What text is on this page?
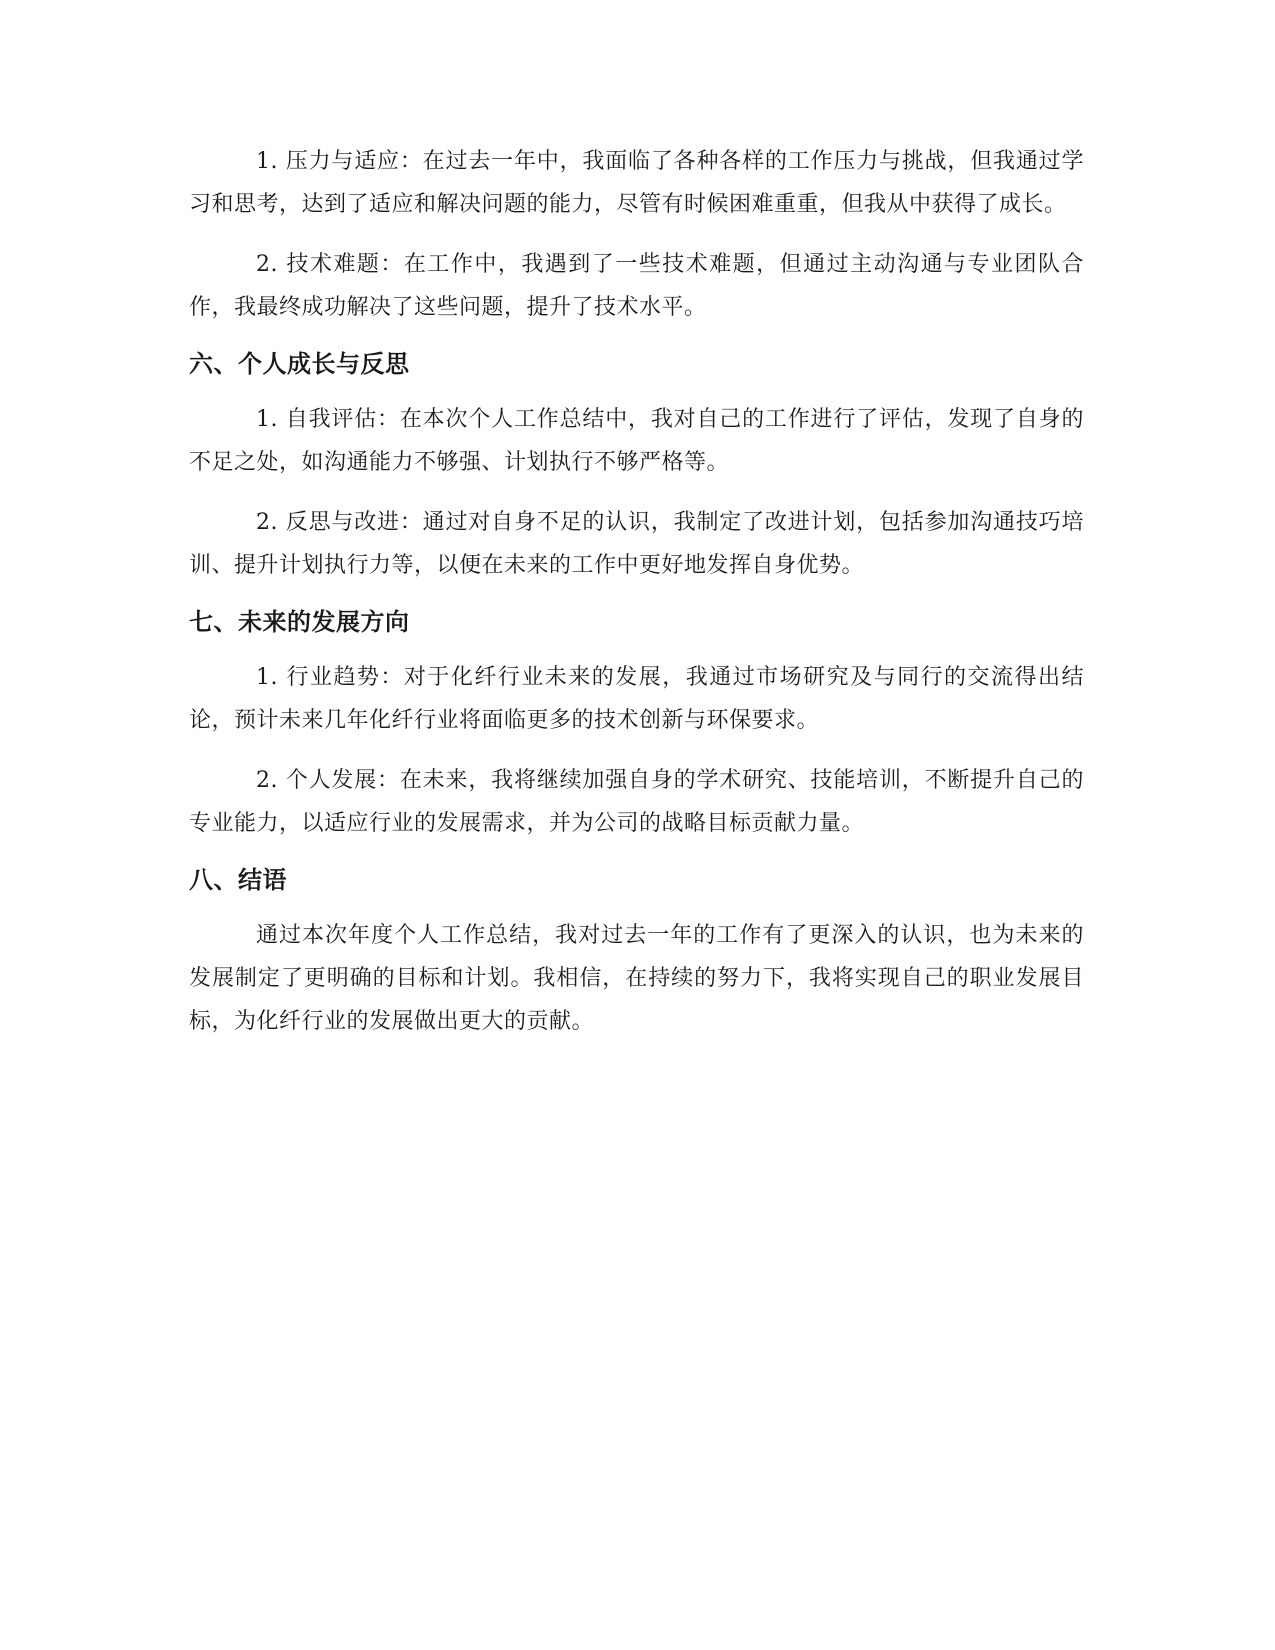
1. 压力与适应：在过去一年中，我面临了各种各样的工作压力与挑战，但我通过学习和思考，达到了适应和解决问题的能力，尽管有时候困难重重，但我从中获得了成长。

2. 技术难题：在工作中，我遇到了一些技术难题，但通过主动沟通与专业团队合作，我最终成功解决了这些问题，提升了技术水平。

六、个人成长与反思

1. 自我评估：在本次个人工作总结中，我对自己的工作进行了评估，发现了自身的不足之处，如沟通能力不够强、计划执行不够严格等。

2. 反思与改进：通过对自身不足的认识，我制定了改进计划，包括参加沟通技巧培训、提升计划执行力等，以便在未来的工作中更好地发挥自身优势。

七、未来的发展方向

1. 行业趋势：对于化纤行业未来的发展，我通过市场研究及与同行的交流得出结论，预计未来几年化纤行业将面临更多的技术创新与环保要求。

2. 个人发展：在未来，我将继续加强自身的学术研究、技能培训，不断提升自己的专业能力，以适应行业的发展需求，并为公司的战略目标贡献力量。

八、结语

通过本次年度个人工作总结，我对过去一年的工作有了更深入的认识，也为未来的发展制定了更明确的目标和计划。我相信，在持续的努力下，我将实现自己的职业发展目标，为化纤行业的发展做出更大的贡献。
